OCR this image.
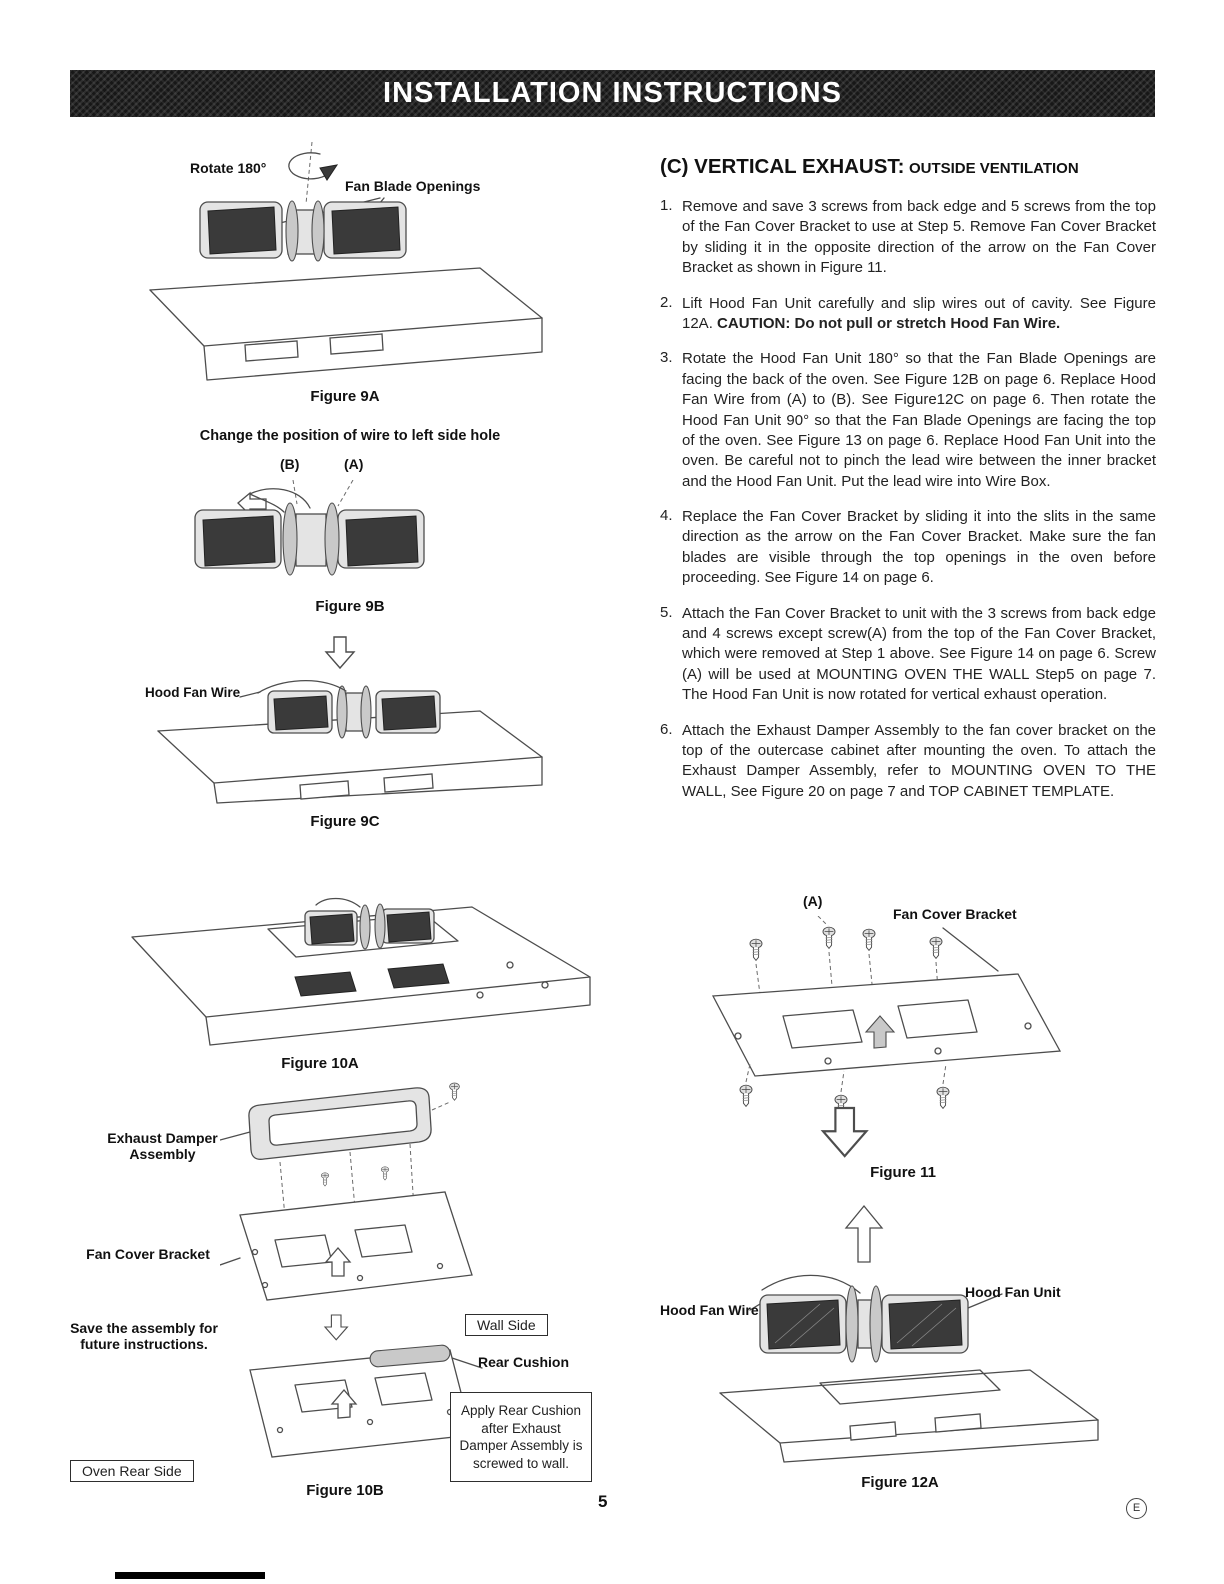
INSTALLATION INSTRUCTIONS
Rotate 180°
Fan Blade Openings
Figure 9A
Change the position of wire to left side hole
(B)	(A)
Figure 9B
Hood Fan Wire
Figure 9C
Figure 10A
Exhaust Damper Assembly
Fan Cover Bracket
Save the assembly for future instructions.
Wall Side
Rear Cushion
Apply Rear Cushion after Exhaust Damper Assembly is screwed to wall.
Oven Rear Side
Figure 10B
(C) VERTICAL EXHAUST: OUTSIDE VENTILATION
1. Remove and save 3 screws from back edge and 5 screws from the top of the Fan Cover Bracket to use at Step 5. Remove Fan Cover Bracket by sliding it in the opposite direction of the arrow on the Fan Cover Bracket as shown in Figure 11.
2. Lift Hood Fan Unit carefully and slip wires out of cavity. See Figure 12A. CAUTION: Do not pull or stretch Hood Fan Wire.
3. Rotate the Hood Fan Unit 180° so that the Fan Blade Openings are facing the back of the oven. See Figure 12B on page 6. Replace Hood Fan Wire from (A) to (B). See Figure12C on page 6. Then rotate the Hood Fan Unit 90° so that the Fan Blade Openings are facing the top of the oven. See Figure 13 on page 6. Replace Hood Fan Unit into the oven. Be careful not to pinch the lead wire between the inner bracket and the Hood Fan Unit. Put the lead wire into Wire Box.
4. Replace the Fan Cover Bracket by sliding it into the slits in the same direction as the arrow on the Fan Cover Bracket. Make sure the fan blades are visible through the top openings in the oven before proceeding. See Figure 14 on page 6.
5. Attach the Fan Cover Bracket to unit with the 3 screws from back edge and 4 screws except screw(A) from the top of the Fan Cover Bracket, which were removed at Step 1 above. See Figure 14 on page 6. Screw (A) will be used at MOUNTING OVEN THE WALL Step5 on page 7. The Hood Fan Unit is now rotated for vertical exhaust operation.
6. Attach the Exhaust Damper Assembly to the fan cover bracket on the top of the outercase cabinet after mounting the oven. To attach the Exhaust Damper Assembly, refer to MOUNTING OVEN TO THE WALL, See Figure 20 on page 7 and TOP CABINET TEMPLATE.
(A)
Fan Cover Bracket
Figure 11
Hood Fan Wire
Hood Fan Unit
Figure 12A
5	E
